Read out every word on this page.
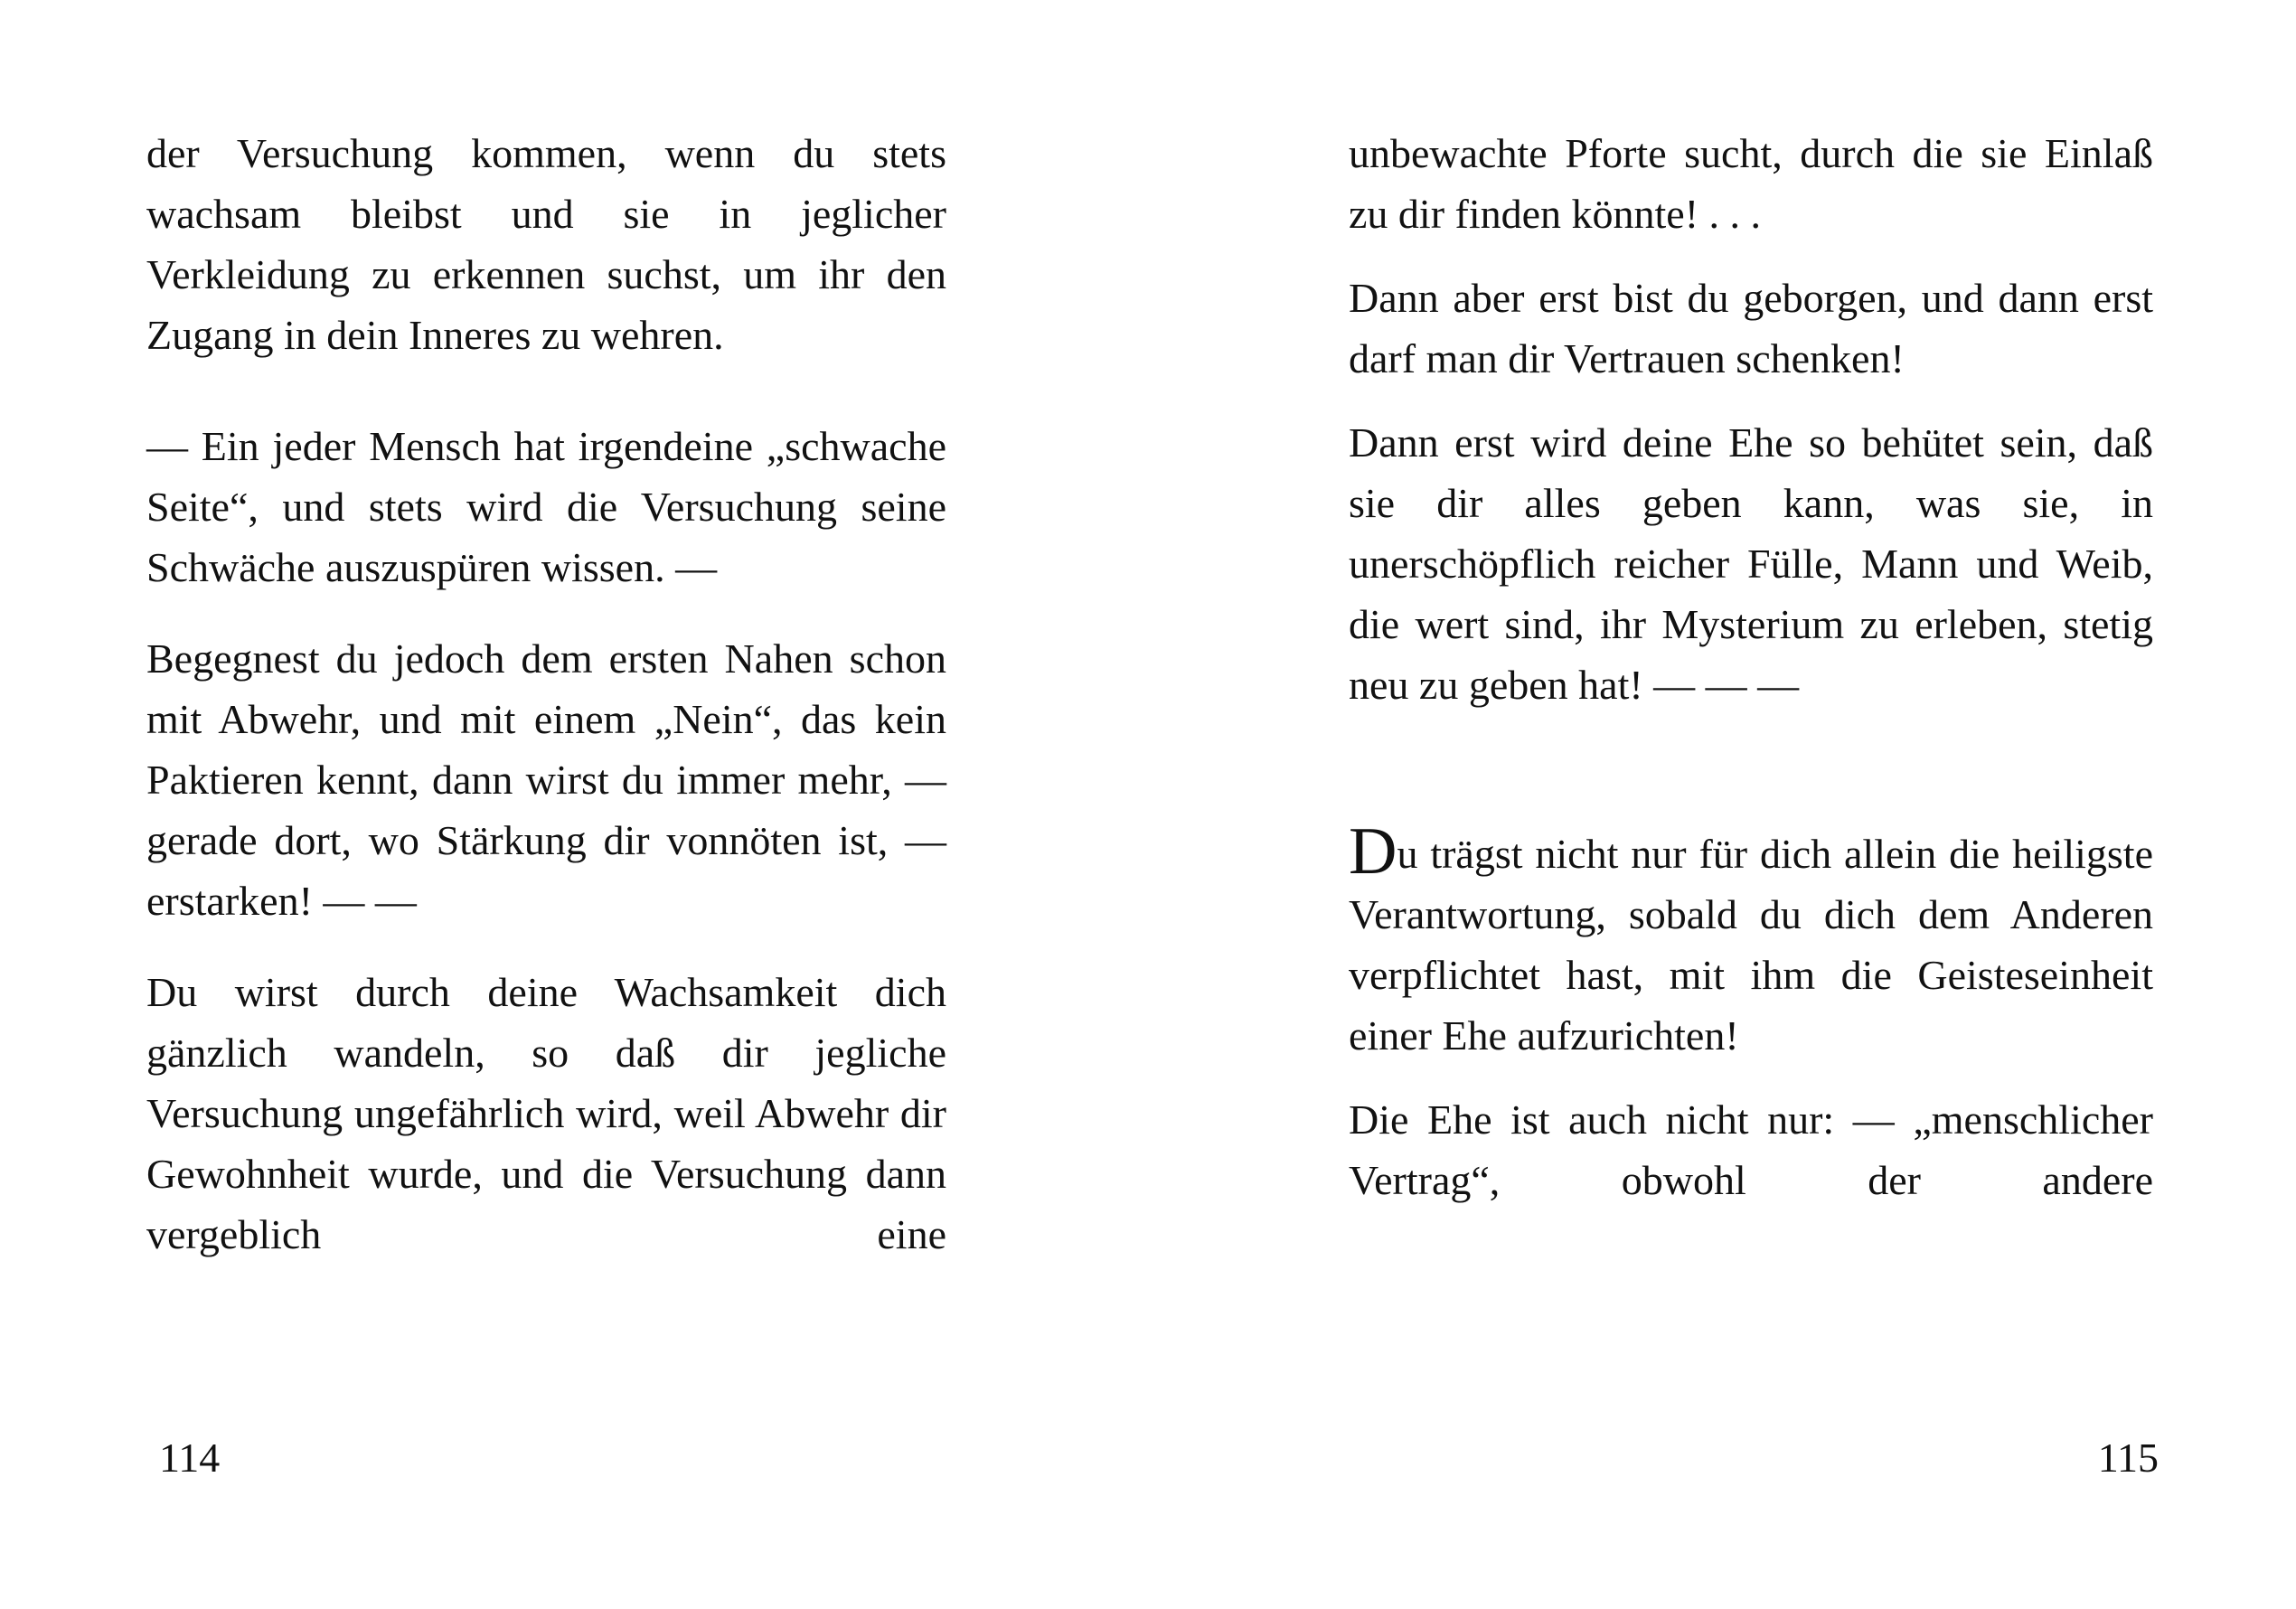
der Versuchung kommen, wenn du stets wachsam bleibst und sie in jeglicher Verkleidung zu erkennen suchst, um ihr den Zugang in dein Inneres zu wehren.

— Ein jeder Mensch hat irgendeine „schwache Seite“, und stets wird die Versuchung seine Schwäche auszuspüren wissen. —

Begegnest du jedoch dem ersten Nahen schon mit Abwehr, und mit einem „Nein“, das kein Paktieren kennt, dann wirst du immer mehr, — gerade dort, wo Stärkung dir vonnöten ist, — erstarken! — —

Du wirst durch deine Wachsamkeit dich gänzlich wandeln, so daß dir jegliche Versuchung ungefährlich wird, weil Abwehr dir Gewohnheit wurde, und die Versuchung dann vergeblich eine

114

unbewachte Pforte sucht, durch die sie Einlaß zu dir finden könnte! . . .

Dann aber erst bist du geborgen, und dann erst darf man dir Vertrauen schenken!

Dann erst wird deine Ehe so behütet sein, daß sie dir alles geben kann, was sie, in unerschöpflich reicher Fülle, Mann und Weib, die wert sind, ihr Mysterium zu erleben, stetig neu zu geben hat! — — —

Du trägst nicht nur für dich allein die heiligste Verantwortung, sobald du dich dem Anderen verpflichtet hast, mit ihm die Geisteseinheit einer Ehe aufzurichten!

Die Ehe ist auch nicht nur: — „menschlicher Vertrag“, obwohl der andere

115
